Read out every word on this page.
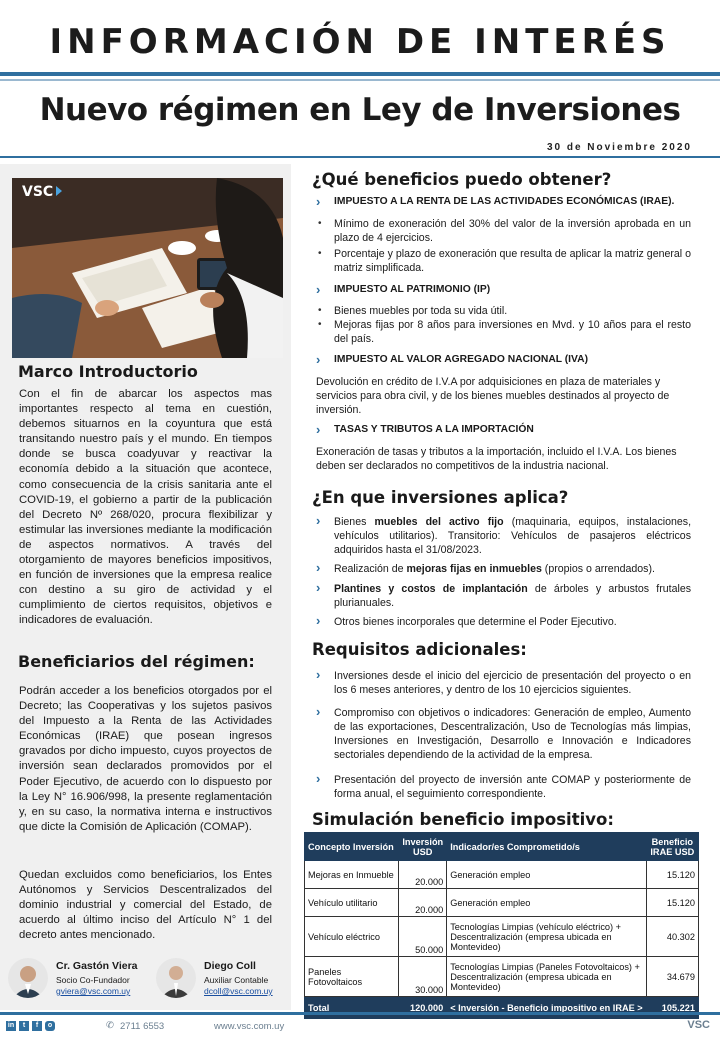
INFORMACIÓN DE INTERÉS
Nuevo régimen en Ley de Inversiones
30 de Noviembre 2020
VSC
Marco Introductorio
Con el fin de abarcar los aspectos mas importantes respecto al tema en cuestión, debemos situarnos en la coyuntura que está transitando nuestro país y el mundo. En tiempos donde se busca coadyuvar y reactivar la economía debido a la situación que acontece, como consecuencia de la crisis sanitaria ante el COVID-19, el gobierno a partir de la publicación del Decreto Nº 268/020, procura flexibilizar y estimular las inversiones mediante la modificación de aspectos normativos. A través del otorgamiento de mayores beneficios impositivos, en función de inversiones que la empresa realice con destino a su giro de actividad y el cumplimiento de ciertos requisitos, objetivos e indicadores de evaluación.
Beneficiarios del régimen:
Podrán acceder a los beneficios otorgados por el Decreto; las Cooperativas y los sujetos pasivos del Impuesto a la Renta de las Actividades Económicas (IRAE) que posean ingresos gravados por dicho impuesto, cuyos proyectos de inversión sean declarados promovidos por el Poder Ejecutivo, de acuerdo con lo dispuesto por la Ley N° 16.906/998, la presente reglamentación y, en su caso, la normativa interna e instructivos que dicte la Comisión de Aplicación (COMAP).
Quedan excluidos como beneficiarios, los Entes Autónomos y Servicios Descentralizados del dominio industrial y comercial del Estado, de acuerdo al último inciso del Artículo N° 1 del decreto antes mencionado.
Cr. Gastón Viera
Socio Co-Fundador
gviera@vsc.com.uy
Diego Coll
Auxiliar Contable
dcoll@vsc.com.uy
¿Qué beneficios puedo obtener?
› IMPUESTO A LA RENTA DE LAS ACTIVIDADES ECONÓMICAS (IRAE).
• Mínimo de exoneración del 30% del valor de la inversión aprobada en un plazo de 4 ejercicios.
• Porcentaje y plazo de exoneración que resulta de aplicar la matriz general o matriz simplificada.
› IMPUESTO AL PATRIMONIO (IP)
• Bienes muebles por toda su vida útil.
• Mejoras fijas por 8 años para inversiones en Mvd. y 10 años para el resto del país.
› IMPUESTO AL VALOR AGREGADO NACIONAL (IVA)
Devolución en crédito de I.V.A por adquisiciones en plaza de materiales y servicios para obra civil, y de los bienes muebles destinados al proyecto de inversión.
› TASAS Y TRIBUTOS A LA IMPORTACIÓN
Exoneración de tasas y tributos a la importación, incluido el I.V.A. Los bienes deben ser declarados no competitivos de la industria nacional.
¿En que inversiones aplica?
› Bienes muebles del activo fijo (maquinaria, equipos, instalaciones, vehículos utilitarios). Transitorio: Vehículos de pasajeros eléctricos adquiridos hasta el 31/08/2023.
› Realización de mejoras fijas en inmuebles (propios o arrendados).
› Plantines y costos de implantación de árboles y arbustos frutales plurianuales.
› Otros bienes incorporales que determine el Poder Ejecutivo.
Requisitos adicionales:
› Inversiones desde el inicio del ejercicio de presentación del proyecto o en los 6 meses anteriores, y dentro de los 10 ejercicios siguientes.
› Compromiso con objetivos o indicadores: Generación de empleo, Aumento de las exportaciones, Descentralización, Uso de Tecnologías más limpias, Inversiones en Investigación, Desarrollo e Innovación e Indicadores sectoriales dependiendo de la actividad de la empresa.
› Presentación del proyecto de inversión ante COMAP y posteriormente de forma anual, el seguimiento correspondiente.
Simulación beneficio impositivo:
Concepto Inversión	Inversión USD	Indicador/es Comprometido/s	Beneficio IRAE USD
Mejoras en Inmueble	20.000	Generación empleo	15.120
Vehículo utilitario	20.000	Generación empleo	15.120
Vehículo eléctrico	50.000	Tecnologías Limpias (vehículo eléctrico) + Descentralización (empresa ubicada en Montevideo)	40.302
Paneles Fotovoltaicos	30.000	Tecnologías Limpias (Paneles Fotovoltaicos) + Descentralización (empresa ubicada en Montevideo)	34.679
Total	120.000	< Inversión - Beneficio impositivo en IRAE >	105.221
in	t	f	o	✆ 2711 6553	www.vsc.com.uy	VSC
